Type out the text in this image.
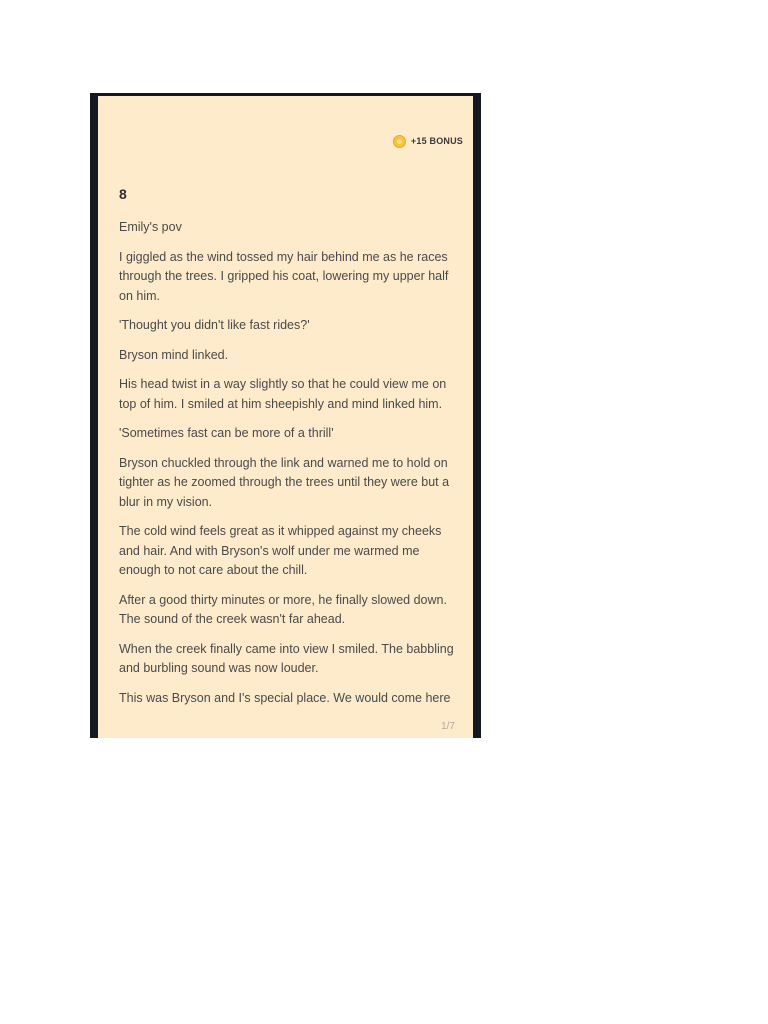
+15 BONUS
8

Emily's pov

I giggled as the wind tossed my hair behind me as he races through the trees. I gripped his coat, lowering my upper half on him.

'Thought you didn't like fast rides?'

Bryson mind linked.

His head twist in a way slightly so that he could view me on top of him. I smiled at him sheepishly and mind linked him.

'Sometimes fast can be more of a thrill'

Bryson chuckled through the link and warned me to hold on tighter as he zoomed through the trees until they were but a blur in my vision.

The cold wind feels great as it whipped against my cheeks and hair. And with Bryson's wolf under me warmed me enough to not care about the chill.

After a good thirty minutes or more, he finally slowed down. The sound of the creek wasn't far ahead.

When the creek finally came into view I smiled. The babbling and burbling sound was now louder.

This was Bryson and I's special place. We would come here

1/7
